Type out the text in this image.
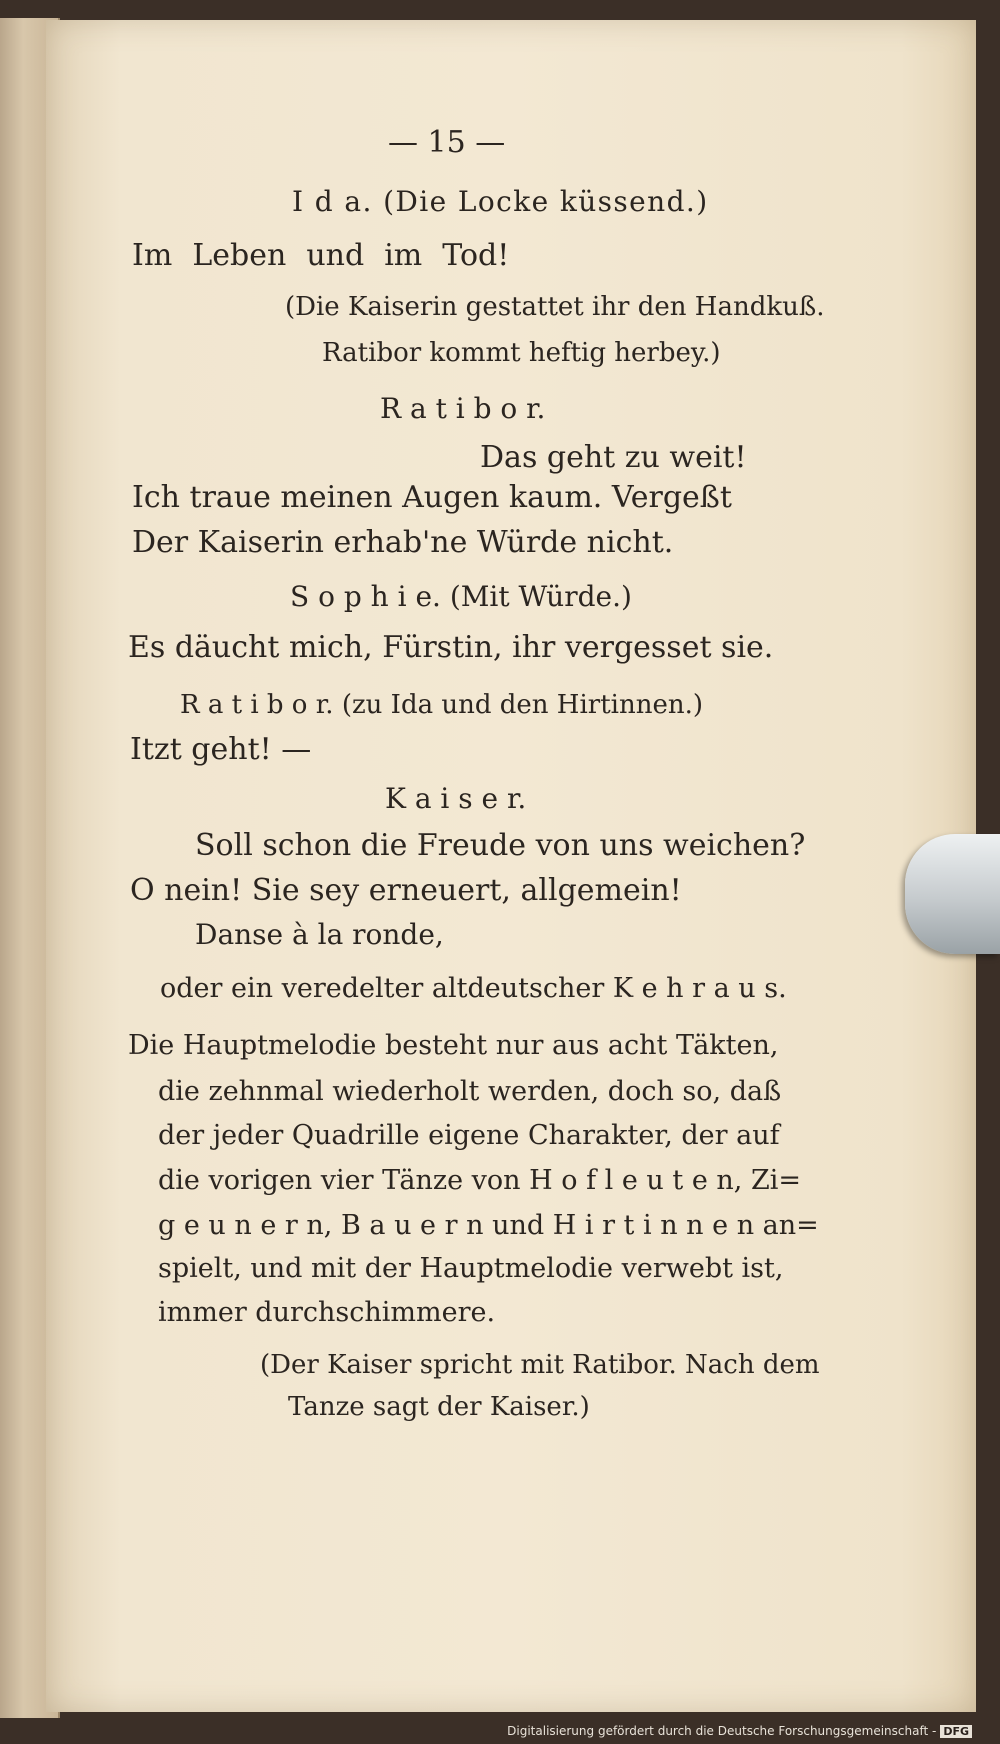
— 15 —
I d a. (Die Locke küssend.)
Im Leben und im Tod!
(Die Kaiserin gestattet ihr den Handkuß.
Ratibor kommt heftig herbey.)
R a t i b o r.
Das geht zu weit!
Ich traue meinen Augen kaum. Vergeßt
Der Kaiserin erhab'ne Würde nicht.
S o p h i e. (Mit Würde.)
Es däucht mich, Fürstin, ihr vergesset sie.
R a t i b o r. (zu Ida und den Hirtinnen.)
Itzt geht! —
K a i s e r.
Soll schon die Freude von uns weichen?
O nein! Sie sey erneuert, allgemein!
Danse à la ronde,
oder ein veredelter altdeutscher K e h r a u s.
Die Hauptmelodie besteht nur aus acht Täkten,
die zehnmal wiederholt werden, doch so, daß
der jeder Quadrille eigene Charakter, der auf
die vorigen vier Tänze von H o f l e u t e n, Zi=
g e u n e r n, B a u e r n und H i r t i n n e n an=
spielt, und mit der Hauptmelodie verwebt ist,
immer durchschimmere.
(Der Kaiser spricht mit Ratibor. Nach dem
Tanze sagt der Kaiser.)
Digitalisierung gefördert durch die Deutsche Forschungsgemeinschaft - DFG
